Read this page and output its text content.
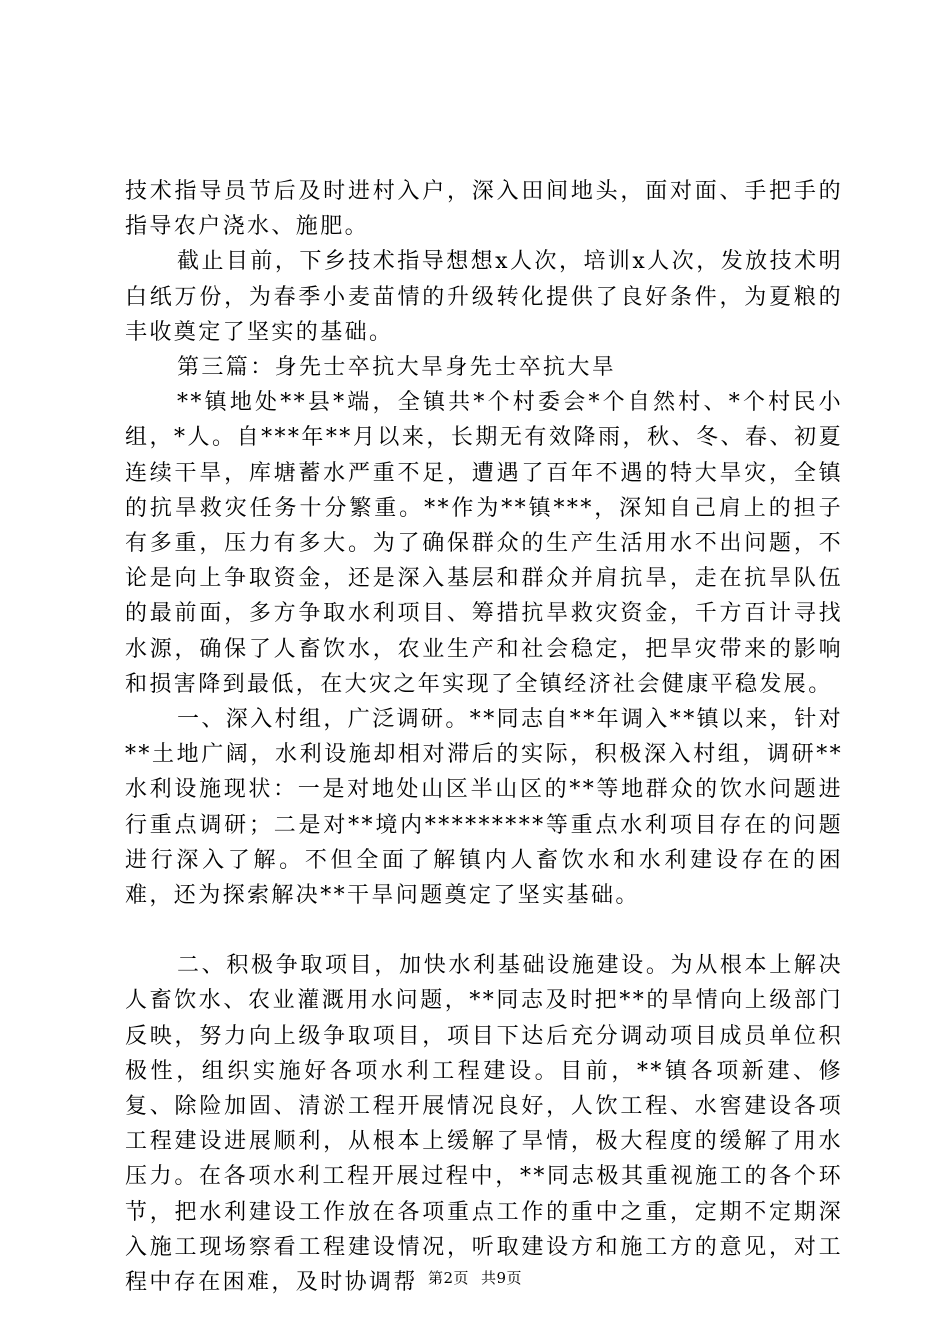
技术指导员节后及时进村入户，深入田间地头，面对面、手把手的指导农户浇水、施肥。

截止目前，下乡技术指导想想x人次，培训x人次，发放技术明白纸万份，为春季小麦苗情的升级转化提供了良好条件，为夏粮的丰收奠定了坚实的基础。

第三篇：身先士卒抗大旱身先士卒抗大旱

**镇地处**县*端，全镇共*个村委会*个自然村、*个村民小组，*人。自***年**月以来，长期无有效降雨，秋、冬、春、初夏连续干旱，库塘蓄水严重不足，遭遇了百年不遇的特大旱灾，全镇的抗旱救灾任务十分繁重。**作为**镇***，深知自己肩上的担子有多重，压力有多大。为了确保群众的生产生活用水不出问题，不论是向上争取资金，还是深入基层和群众并肩抗旱，走在抗旱队伍的最前面，多方争取水利项目、筹措抗旱救灾资金，千方百计寻找水源，确保了人畜饮水，农业生产和社会稳定，把旱灾带来的影响和损害降到最低，在大灾之年实现了全镇经济社会健康平稳发展。

一、深入村组，广泛调研。**同志自**年调入**镇以来，针对**土地广阔，水利设施却相对滞后的实际，积极深入村组，调研**水利设施现状：一是对地处山区半山区的**等地群众的饮水问题进行重点调研；二是对**境内*********等重点水利项目存在的问题进行深入了解。不但全面了解镇内人畜饮水和水利建设存在的困难，还为探索解决**干旱问题奠定了坚实基础。

二、积极争取项目，加快水利基础设施建设。为从根本上解决人畜饮水、农业灌溉用水问题，**同志及时把**的旱情向上级部门反映，努力向上级争取项目，项目下达后充分调动项目成员单位积极性，组织实施好各项水利工程建设。目前，**镇各项新建、修复、除险加固、清淤工程开展情况良好，人饮工程、水窖建设各项工程建设进展顺利，从根本上缓解了旱情，极大程度的缓解了用水压力。在各项水利工程开展过程中，**同志极其重视施工的各个环节，把水利建设工作放在各项重点工作的重中之重，定期不定期深入施工现场察看工程建设情况，听取建设方和施工方的意见，对工程中存在困难，及时协调帮 第2页 共9页
